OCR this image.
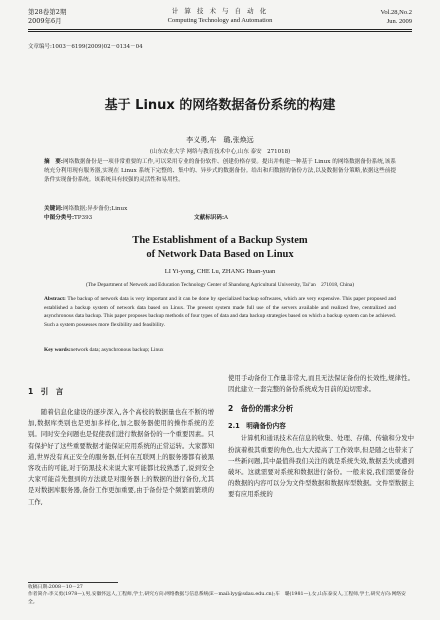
第28卷第2期
2009年6月
计 算 技 术 与 自 动 化
Computing Technology and Automation
Vol.28,No.2
Jun. 2009
文章编号:1003－6199(2009)02－0134－04
基于 Linux 的网络数据备份系统的构建
李义勇,车　璐,张焕远
(山东农业大学 网络与教育技术中心,山东 泰安　271018)
摘　要:网络数据备份是一项非常重要的工作,可以采用专业的备份软件、创建份格存要。提出并构建一种基于 Linux 的网络数据备份系统,该系统充分利用现有服务器,实现在 Linux 系统下完整的、集中的、异步式的数据备份。给出和归数据的备份方法,以及数据备分策略,依据这些前提条件实现备份系统。该系统具有较强的灵活性和易用性。
关键词:网络数据;异步备份;Linux
中图分类号:TP393	文献标识码:A
The Establishment of a Backup System
of Network Data Based on Linux
LI Yi-yong, CHE Lu, ZHANG Huan-yuan
(The Department of Network and Education Technology Center of Shandong Agricultural University, Tai’an　271018, China)
Abstract: The backup of network data is very important and it can be done by specialized backup softwares, which are very expensive. This paper proposed and established a backup system of network data based on Linux. The present system made full use of the servers available and realized free, centralized and asynchronous data backup. This paper proposes backup methods of four types of data and data backup strategies based on which a backup system can be achieved. Such a system possesses more flexibility and feasibility.
Key words:network data; asynchronous backup; Linux
1　引　言

随着信息化建设的逐步深入,各个高校的数据量也在不断的增加,数据库类别也是更加多样化,加之服务器使用的操作系统的差别。同时安全问题也是促使我们进行数据备份的一个重要因素。只有保护好了这些重要数据才能保证应用系统的正常运转。大家都知道,世界没有真正安全的服务器,任何在互联网上的服务器都有被黑客攻击的可能,对于防黑技术来说大家可能都比较熟悉了,说到安全大家可能首先想到的方法就是对服务器上的数据的进行备份,尤其是对数据库服务器,备份工作更加重要,由于备份是个频繁而繁琐的工作,

使用手动备份工作量非常大,而且无法保证备份的长效性,规律性。因此建立一套完整的备份系统成为目前的迫切需求。

2　备份的需求分析
2.1　明确备份内容

计算机和通讯技术在信息的收集、处理、存储、传输和分发中扮演着极其重要的角色,也大大提高了工作效率,但是随之也带来了一些新问题,其中最值得我们关注的就是系统失效,数据丢失或遭到破坏。这就需要对系统和数据进行备份。一般来说,我们需要备份的数据的内容可以分为文件型数据和数据库型数据。文件型数据主要有应用系统的

收稿日期:2008－10－27
作者简介:李义勇(1978—),男,安徽怀远人,工程师,学士,研究方向:网络数据与信息系统(E－mail:lyy@sdau.edu.cn);车　璐(1981—),女,山东泰安人,工程师,学士,研究方向:网络安全。
